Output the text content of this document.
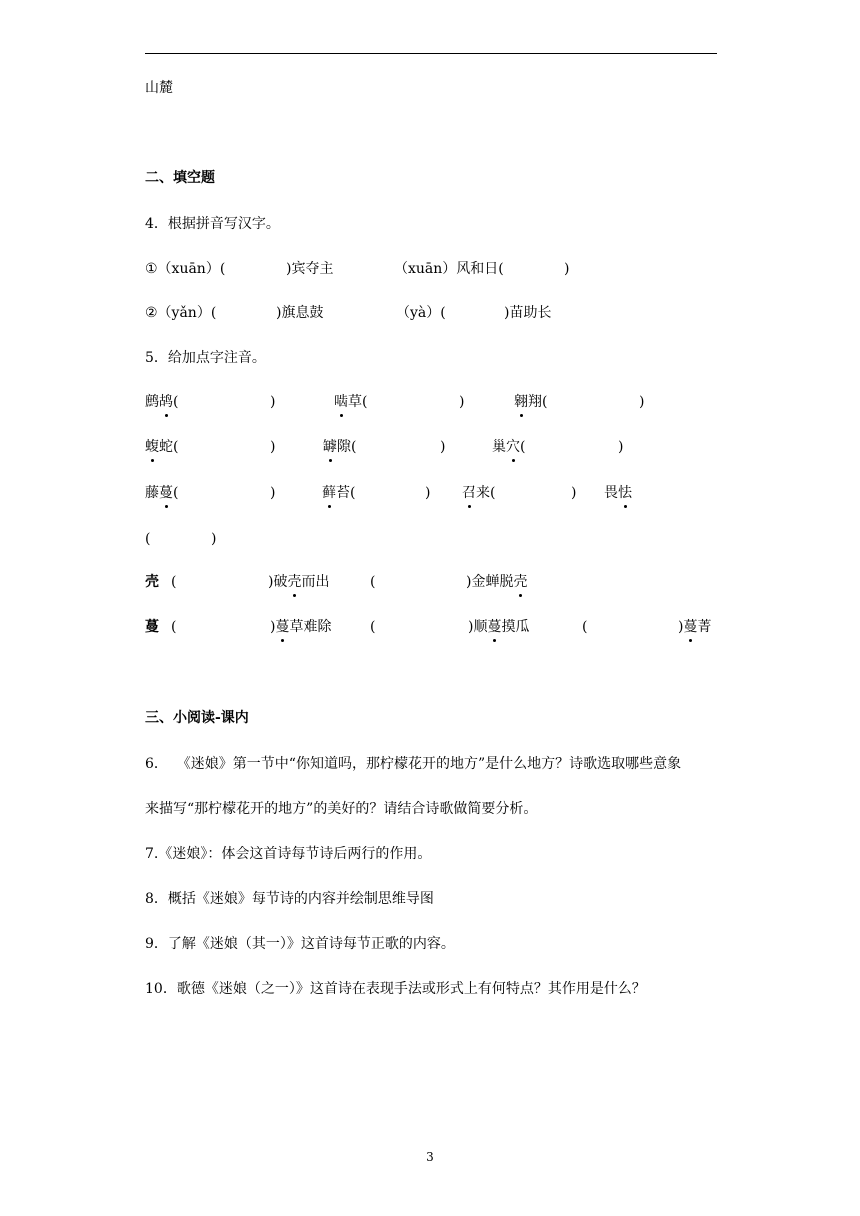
山麓
二、填空题
4．根据拼音写汉字。
①（xuān）(	)宾夺主	（xuān）风和日(	)
②（yǎn）(	)旗息鼓	（yà）(	)苗助长
5．给加点字注音。
鹧鸪(	)	啮草(	)	翱翔(	)
蝮蛇(	)	罅隙(	)	巢穴(	)
藤蔓(	)	藓苔(	) 召来(	) 畏怯
(	)
壳 (	)破壳而出	(	)金蝉脱壳
蔓 (	)蔓草难除	(	)顺蔓摸瓜	(	)蔓菁
三、小阅读-课内
6．  《迷娘》第一节中“你知道吗，那柠檬花开的地方”是什么地方？诗歌选取哪些意象
来描写“那柠檬花开的地方”的美好的？请结合诗歌做简要分析。
7.《迷娘》：体会这首诗每节诗后两行的作用。
8．概括《迷娘》每节诗的内容并绘制思维导图
9．了解《迷娘（其一）》这首诗每节正歌的内容。
10．歌德《迷娘（之一）》这首诗在表现手法或形式上有何特点？其作用是什么？
3
